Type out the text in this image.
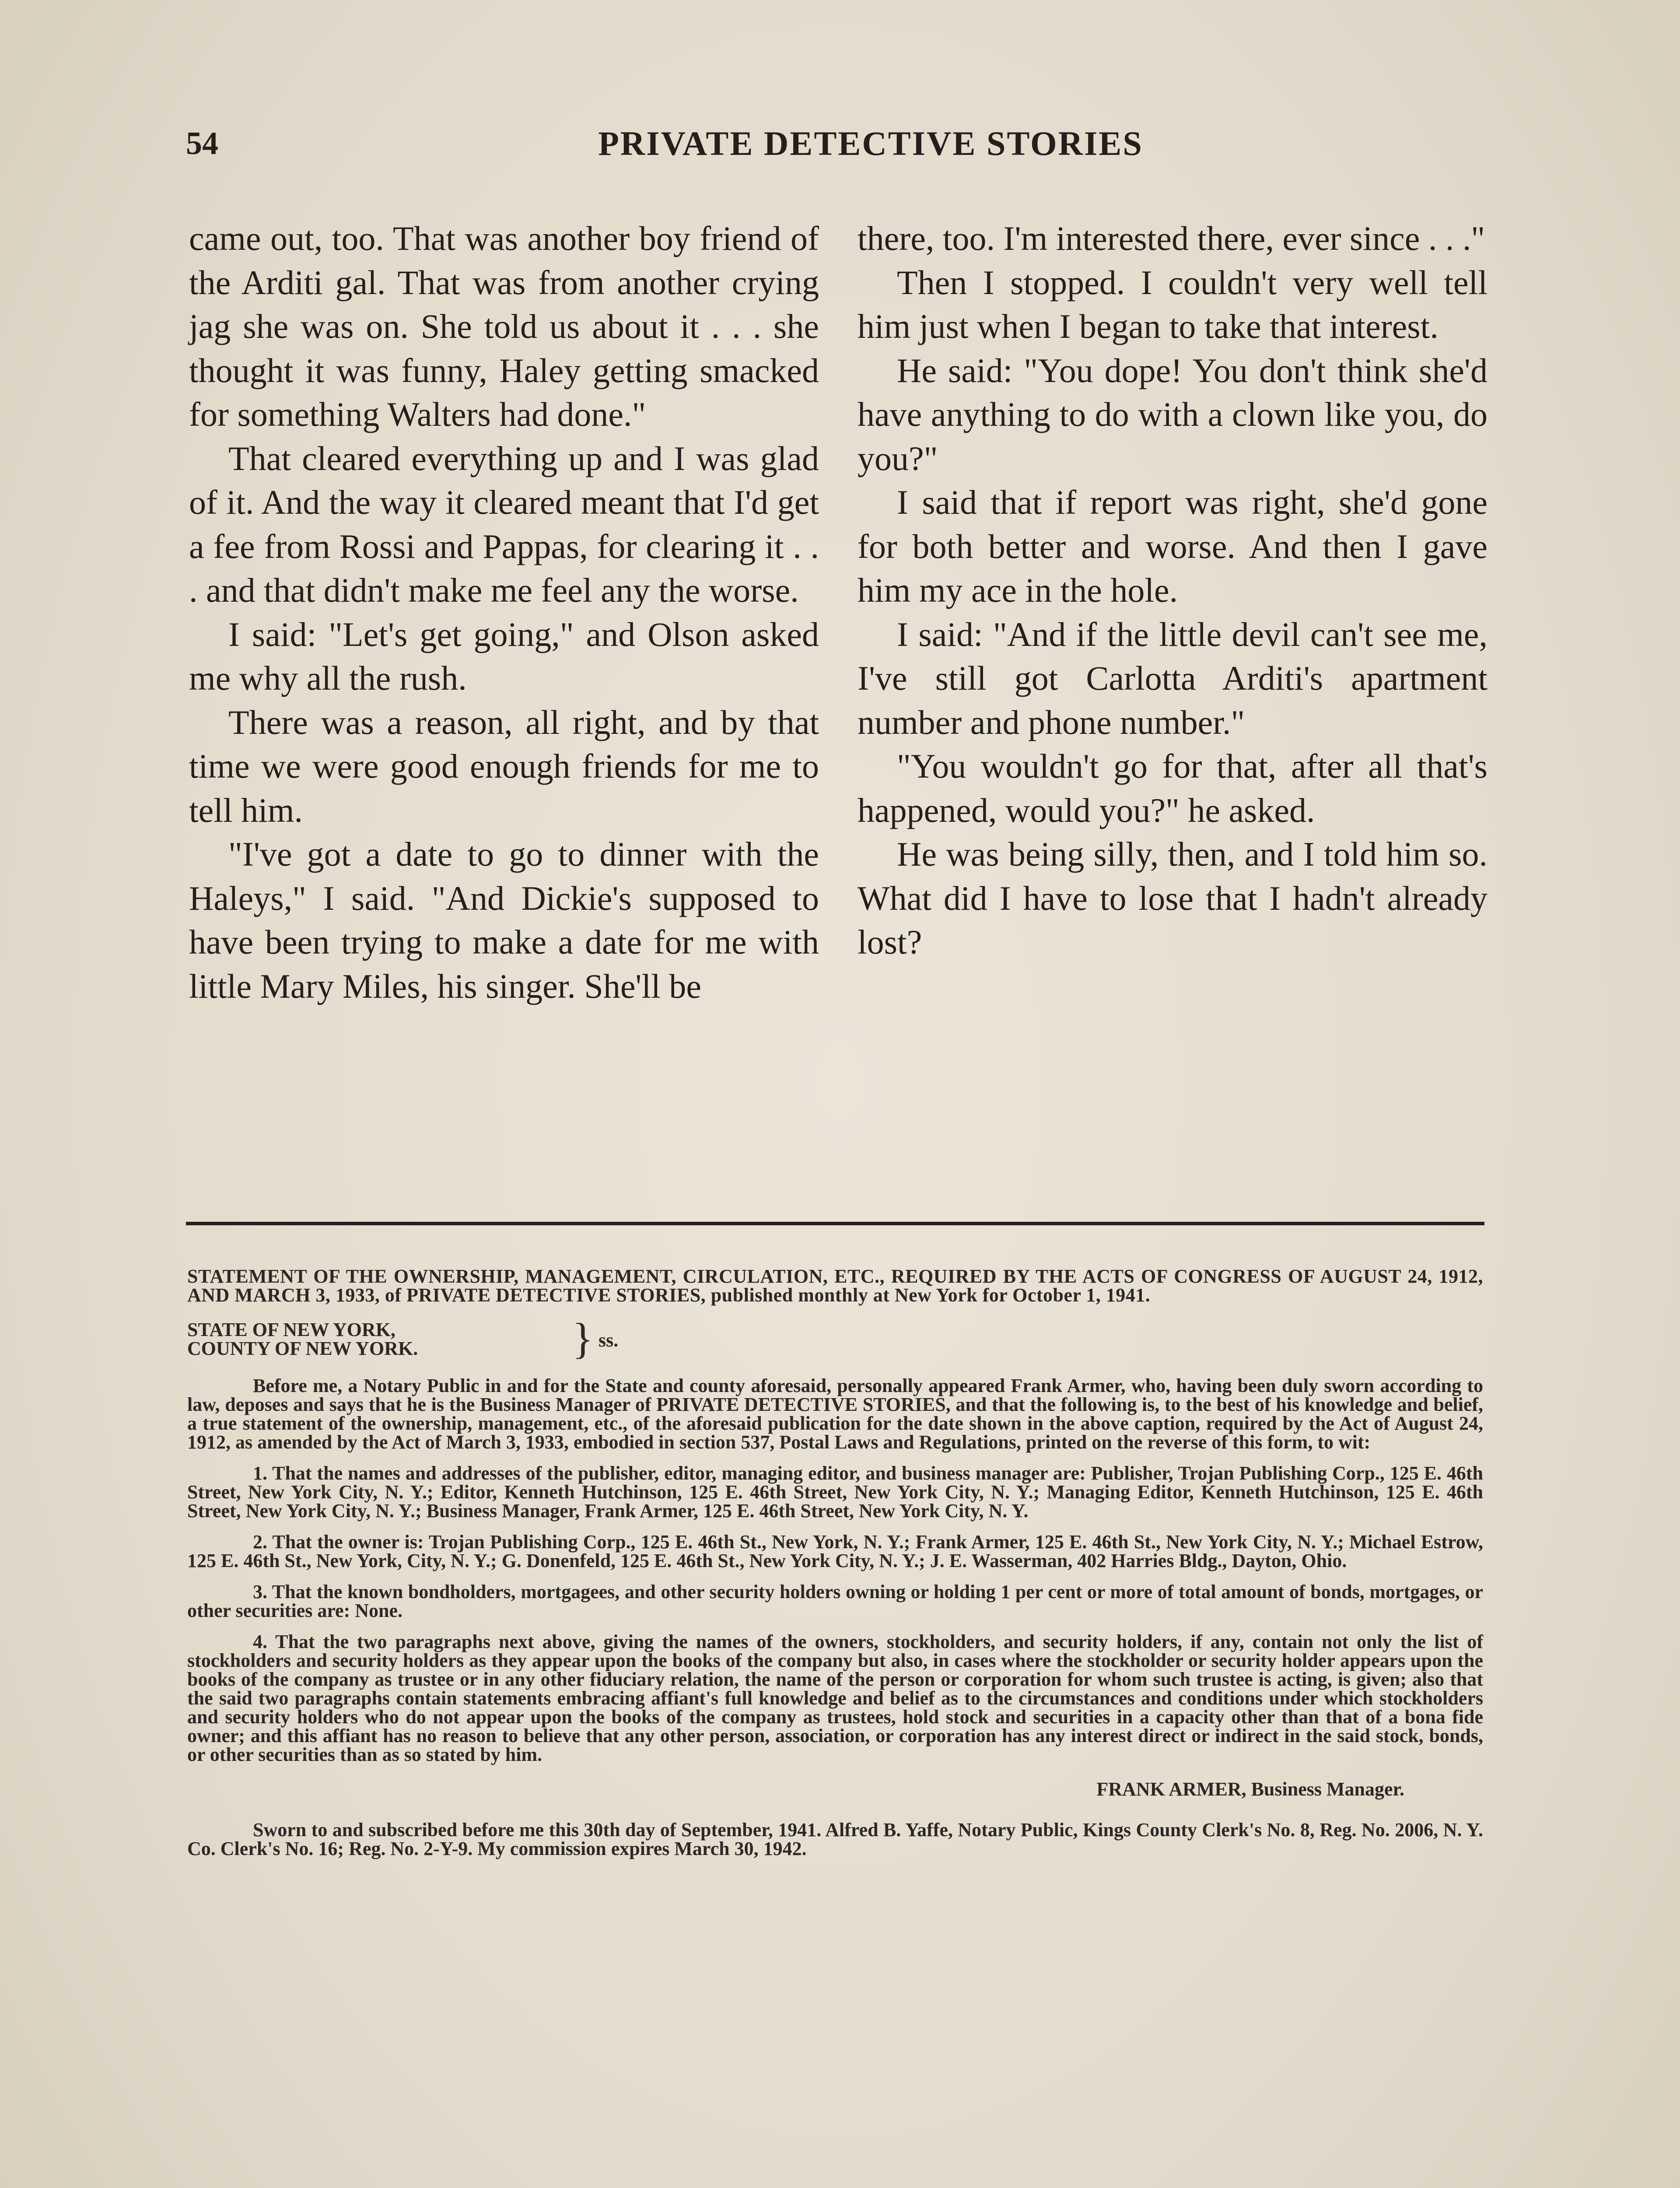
54	PRIVATE DETECTIVE STORIES

came out, too. That was another boy friend of the Arditi gal. That was from another crying jag she was on. She told us about it . . . she thought it was funny, Haley getting smacked for something Walters had done."

That cleared everything up and I was glad of it. And the way it cleared meant that I'd get a fee from Rossi and Pappas, for clearing it . . . and that didn't make me feel any the worse.

I said: "Let's get going," and Olson asked me why all the rush.

There was a reason, all right, and by that time we were good enough friends for me to tell him.

"I've got a date to go to dinner with the Haleys," I said. "And Dickie's supposed to have been trying to make a date for me with little Mary Miles, his singer. She'll be

there, too. I'm interested there, ever since . . ."

Then I stopped. I couldn't very well tell him just when I began to take that interest.

He said: "You dope! You don't think she'd have anything to do with a clown like you, do you?"

I said that if report was right, she'd gone for both better and worse. And then I gave him my ace in the hole.

I said: "And if the little devil can't see me, I've still got Carlotta Arditi's apartment number and phone number."

"You wouldn't go for that, after all that's happened, would you?" he asked.

He was being silly, then, and I told him so. What did I have to lose that I hadn't already lost?

STATEMENT OF THE OWNERSHIP, MANAGEMENT, CIRCULATION, ETC., REQUIRED BY THE ACTS OF CONGRESS OF AUGUST 24, 1912, AND MARCH 3, 1933, of PRIVATE DETECTIVE STORIES, published monthly at New York for October 1, 1941.

STATE OF NEW YORK,
COUNTY OF NEW YORK.	} ss.

Before me, a Notary Public in and for the State and county aforesaid, personally appeared Frank Armer, who, having been duly sworn according to law, deposes and says that he is the Business Manager of PRIVATE DETECTIVE STORIES, and that the following is, to the best of his knowledge and belief, a true statement of the ownership, management, etc., of the aforesaid publication for the date shown in the above caption, required by the Act of August 24, 1912, as amended by the Act of March 3, 1933, embodied in section 537, Postal Laws and Regulations, printed on the reverse of this form, to wit:

1. That the names and addresses of the publisher, editor, managing editor, and business manager are: Publisher, Trojan Publishing Corp., 125 E. 46th Street, New York City, N. Y.; Editor, Kenneth Hutchinson, 125 E. 46th Street, New York City, N. Y.; Managing Editor, Kenneth Hutchinson, 125 E. 46th Street, New York City, N. Y.; Business Manager, Frank Armer, 125 E. 46th Street, New York City, N. Y.

2. That the owner is: Trojan Publishing Corp., 125 E. 46th St., New York, N. Y.; Frank Armer, 125 E. 46th St., New York City, N. Y.; Michael Estrow, 125 E. 46th St., New York, City, N. Y.; G. Donenfeld, 125 E. 46th St., New York City, N. Y.; J. E. Wasserman, 402 Harries Bldg., Dayton, Ohio.

3. That the known bondholders, mortgagees, and other security holders owning or holding 1 per cent or more of total amount of bonds, mortgages, or other securities are: None.

4. That the two paragraphs next above, giving the names of the owners, stockholders, and security holders, if any, contain not only the list of stockholders and security holders as they appear upon the books of the company but also, in cases where the stockholder or security holder appears upon the books of the company as trustee or in any other fiduciary relation, the name of the person or corporation for whom such trustee is acting, is given; also that the said two paragraphs contain statements embracing affiant's full knowledge and belief as to the circumstances and conditions under which stockholders and security holders who do not appear upon the books of the company as trustees, hold stock and securities in a capacity other than that of a bona fide owner; and this affiant has no reason to believe that any other person, association, or corporation has any interest direct or indirect in the said stock, bonds, or other securities than as so stated by him.

FRANK ARMER, Business Manager.

Sworn to and subscribed before me this 30th day of September, 1941. Alfred B. Yaffe, Notary Public, Kings County Clerk's No. 8, Reg. No. 2006, N. Y. Co. Clerk's No. 16; Reg. No. 2-Y-9. My commission expires March 30, 1942.
